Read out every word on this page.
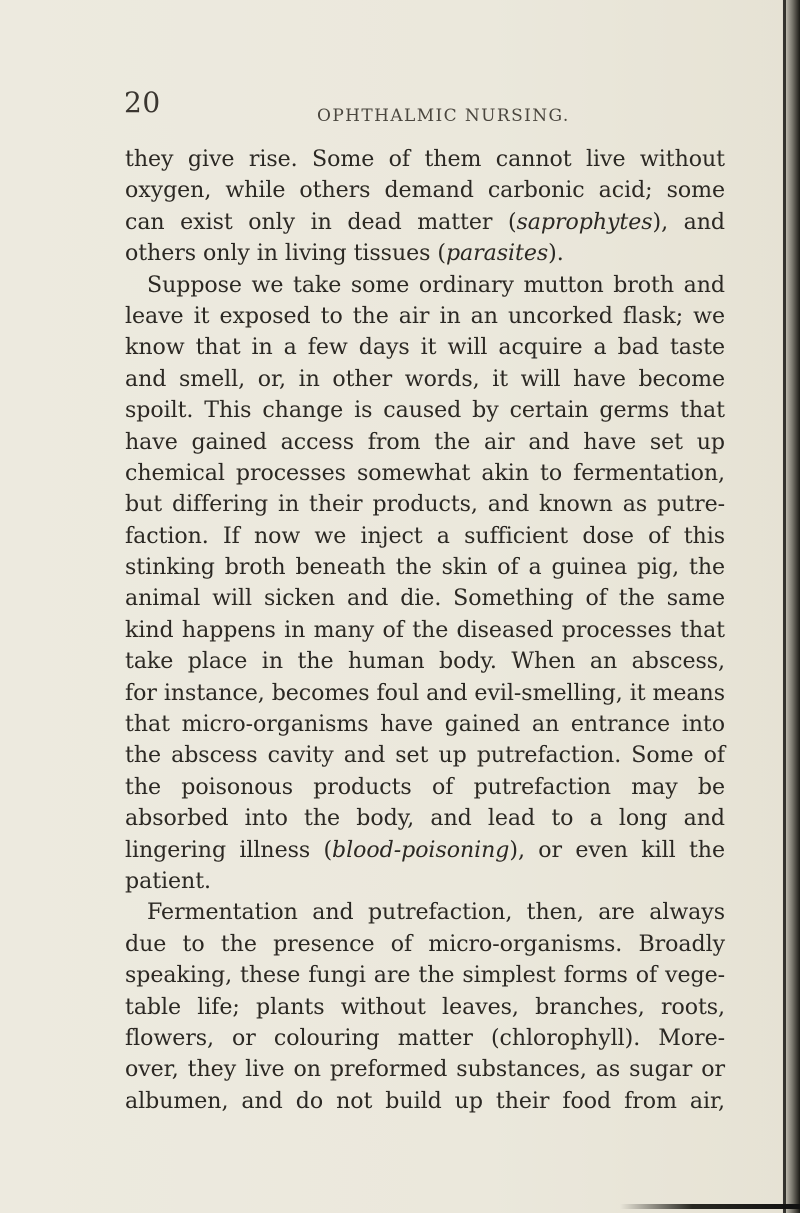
20	OPHTHALMIC NURSING.
they give rise. Some of them cannot live without
oxygen, while others demand carbonic acid; some
can exist only in dead matter (saprophytes), and
others only in living tissues (parasites).
Suppose we take some ordinary mutton broth and
leave it exposed to the air in an uncorked flask; we
know that in a few days it will acquire a bad taste
and smell, or, in other words, it will have become
spoilt. This change is caused by certain germs that
have gained access from the air and have set up
chemical processes somewhat akin to fermentation,
but differing in their products, and known as putre-
faction. If now we inject a sufficient dose of this
stinking broth beneath the skin of a guinea pig, the
animal will sicken and die. Something of the same
kind happens in many of the diseased processes that
take place in the human body. When an abscess,
for instance, becomes foul and evil-smelling, it means
that micro-organisms have gained an entrance into
the abscess cavity and set up putrefaction. Some of
the poisonous products of putrefaction may be
absorbed into the body, and lead to a long and
lingering illness (blood-poisoning), or even kill the
patient.
Fermentation and putrefaction, then, are always
due to the presence of micro-organisms. Broadly
speaking, these fungi are the simplest forms of vege-
table life; plants without leaves, branches, roots,
flowers, or colouring matter (chlorophyll). More-
over, they live on preformed substances, as sugar or
albumen, and do not build up their food from air,
